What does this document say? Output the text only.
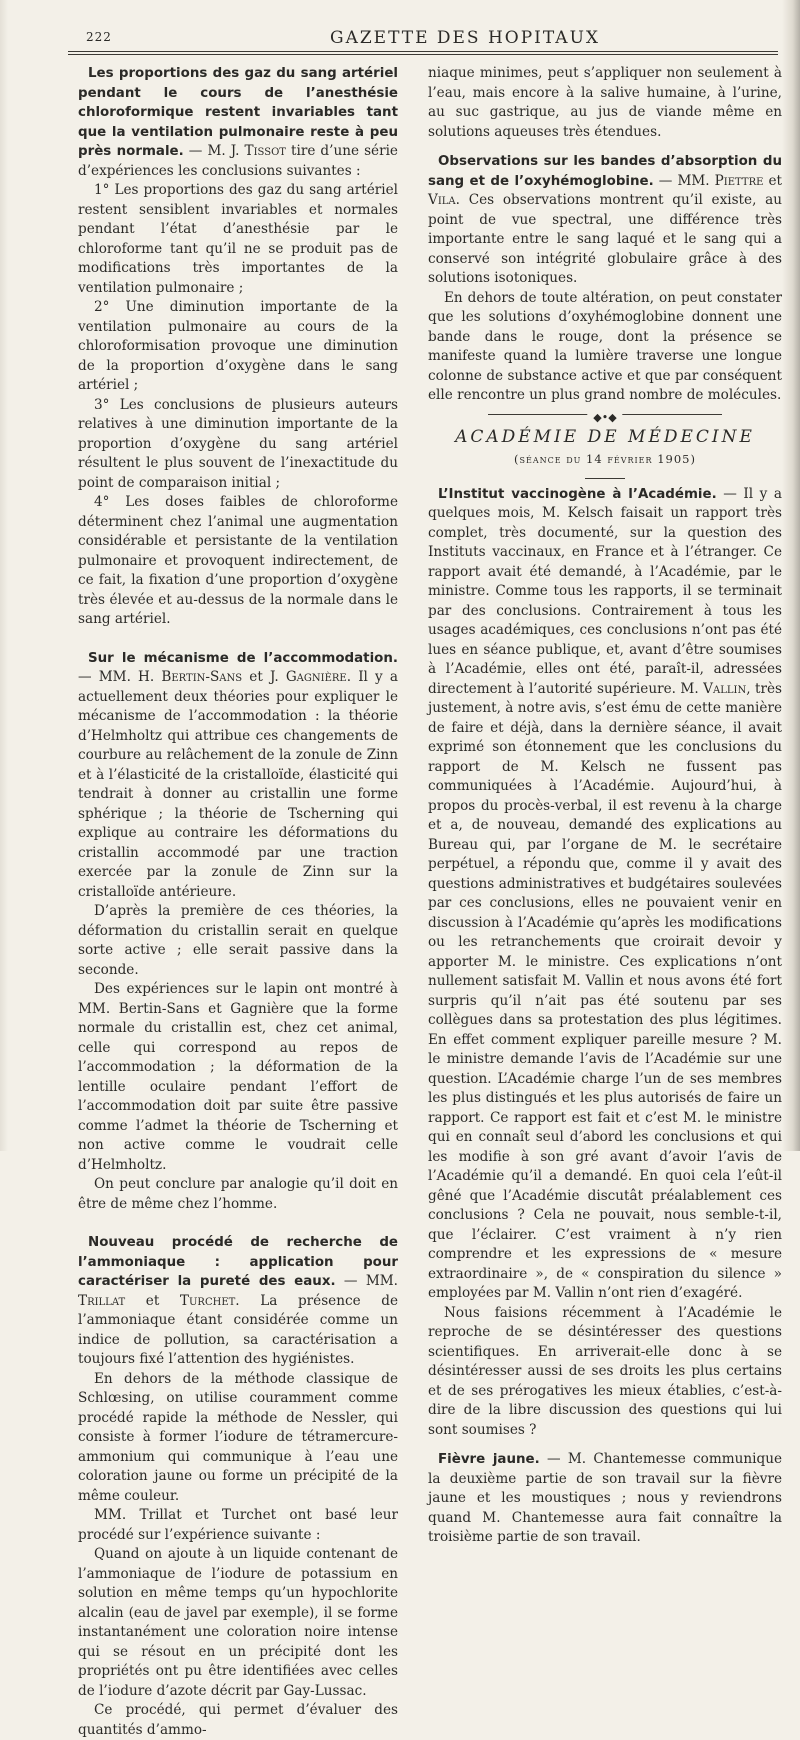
222	GAZETTE DES HOPITAUX

Les proportions des gaz du sang artériel pendant le cours de l’anesthésie chloroformique restent invariables tant que la ventilation pulmonaire reste à peu près normale. — M. J. Tissot tire d’une série d’expériences les conclusions suivantes :

1° Les proportions des gaz du sang artériel restent sensiblent invariables et normales pendant l’état d’anesthésie par le chloroforme tant qu’il ne se produit pas de modifications très importantes de la ventilation pulmonaire ;

2° Une diminution importante de la ventilation pulmonaire au cours de la chloroformisation provoque une diminution de la proportion d’oxygène dans le sang artériel ;

3° Les conclusions de plusieurs auteurs relatives à une diminution importante de la proportion d’oxygène du sang artériel résultent le plus souvent de l’inexactitude du point de comparaison initial ;

4° Les doses faibles de chloroforme déterminent chez l’animal une augmentation considérable et persistante de la ventilation pulmonaire et provoquent indirectement, de ce fait, la fixation d’une proportion d’oxygène très élevée et au-dessus de la normale dans le sang artériel.

Sur le mécanisme de l’accommodation. — MM. H. Bertin-Sans et J. Gagnière. Il y a actuellement deux théories pour expliquer le mécanisme de l’accommodation : la théorie d’Helmholtz qui attribue ces changements de courbure au relâchement de la zonule de Zinn et à l’élasticité de la cristalloïde, élasticité qui tendrait à donner au cristallin une forme sphérique ; la théorie de Tscherning qui explique au contraire les déformations du cristallin accommodé par une traction exercée par la zonule de Zinn sur la cristalloïde antérieure.

D’après la première de ces théories, la déformation du cristallin serait en quelque sorte active ; elle serait passive dans la seconde.

Des expériences sur le lapin ont montré à MM. Bertin-Sans et Gagnière que la forme normale du cristallin est, chez cet animal, celle qui correspond au repos de l’accommodation ; la déformation de la lentille oculaire pendant l’effort de l’accommodation doit par suite être passive comme l’admet la théorie de Tscherning et non active comme le voudrait celle d’Helmholtz.

On peut conclure par analogie qu’il doit en être de même chez l’homme.

Nouveau procédé de recherche de l’ammoniaque : application pour caractériser la pureté des eaux. — MM. Trillat et Turchet. La présence de l’ammoniaque étant considérée comme un indice de pollution, sa caractérisation a toujours fixé l’attention des hygiénistes.

En dehors de la méthode classique de Schlœsing, on utilise couramment comme procédé rapide la méthode de Nessler, qui consiste à former l’iodure de tétramercure-ammonium qui communique à l’eau une coloration jaune ou forme un précipité de la même couleur.

MM. Trillat et Turchet ont basé leur procédé sur l’expérience suivante :

Quand on ajoute à un liquide contenant de l’ammoniaque de l’iodure de potassium en solution en même temps qu’un hypochlorite alcalin (eau de javel par exemple), il se forme instantanément une coloration noire intense qui se résout en un précipité dont les propriétés ont pu être identifiées avec celles de l’iodure d’azote décrit par Gay-Lussac.

Ce procédé, qui permet d’évaluer des quantités d’ammo-

niaque minimes, peut s’appliquer non seulement à l’eau, mais encore à la salive humaine, à l’urine, au suc gastrique, au jus de viande même en solutions aqueuses très étendues.

Observations sur les bandes d’absorption du sang et de l’oxyhémoglobine. — MM. Piettre et Vila. Ces observations montrent qu’il existe, au point de vue spectral, une différence très importante entre le sang laqué et le sang qui a conservé son intégrité globulaire grâce à des solutions isotoniques.

En dehors de toute altération, on peut constater que les solutions d’oxyhémoglobine donnent une bande dans le rouge, dont la présence se manifeste quand la lumière traverse une longue colonne de substance active et que par conséquent elle rencontre un plus grand nombre de molécules.

◆•◆
ACADÉMIE DE MÉDECINE
(séance du 14 février 1905)

L’Institut vaccinogène à l’Académie. — Il y a quelques mois, M. Kelsch faisait un rapport très complet, très documenté, sur la question des Instituts vaccinaux, en France et à l’étranger. Ce rapport avait été demandé, à l’Académie, par le ministre. Comme tous les rapports, il se terminait par des conclusions. Contrairement à tous les usages académiques, ces conclusions n’ont pas été lues en séance publique, et, avant d’être soumises à l’Académie, elles ont été, paraît-il, adressées directement à l’autorité supérieure. M. Vallin, très justement, à notre avis, s’est ému de cette manière de faire et déjà, dans la dernière séance, il avait exprimé son étonnement que les conclusions du rapport de M. Kelsch ne fussent pas communiquées à l’Académie. Aujourd’hui, à propos du procès-verbal, il est revenu à la charge et a, de nouveau, demandé des explications au Bureau qui, par l’organe de M. le secrétaire perpétuel, a répondu que, comme il y avait des questions administratives et budgétaires soulevées par ces conclusions, elles ne pouvaient venir en discussion à l’Académie qu’après les modifications ou les retranchements que croirait devoir y apporter M. le ministre. Ces explications n’ont nullement satisfait M. Vallin et nous avons été fort surpris qu’il n’ait pas été soutenu par ses collègues dans sa protestation des plus légitimes. En effet comment expliquer pareille mesure ? M. le ministre demande l’avis de l’Académie sur une question. L’Académie charge l’un de ses membres les plus distingués et les plus autorisés de faire un rapport. Ce rapport est fait et c’est M. le ministre qui en connaît seul d’abord les conclusions et qui les modifie à son gré avant d’avoir l’avis de l’Académie qu’il a demandé. En quoi cela l’eût-il gêné que l’Académie discutât préalablement ces conclusions ? Cela ne pouvait, nous semble-t-il, que l’éclairer. C’est vraiment à n’y rien comprendre et les expressions de « mesure extraordinaire », de « conspiration du silence » employées par M. Vallin n’ont rien d’exagéré.

Nous faisions récemment à l’Académie le reproche de se désintéresser des questions scientifiques. En arriverait-elle donc à se désintéresser aussi de ses droits les plus certains et de ses prérogatives les mieux établies, c’est-à-dire de la libre discussion des questions qui lui sont soumises ?

Fièvre jaune. — M. Chantemesse communique la deuxième partie de son travail sur la fièvre jaune et les moustiques ; nous y reviendrons quand M. Chantemesse aura fait connaître la troisième partie de son travail.
